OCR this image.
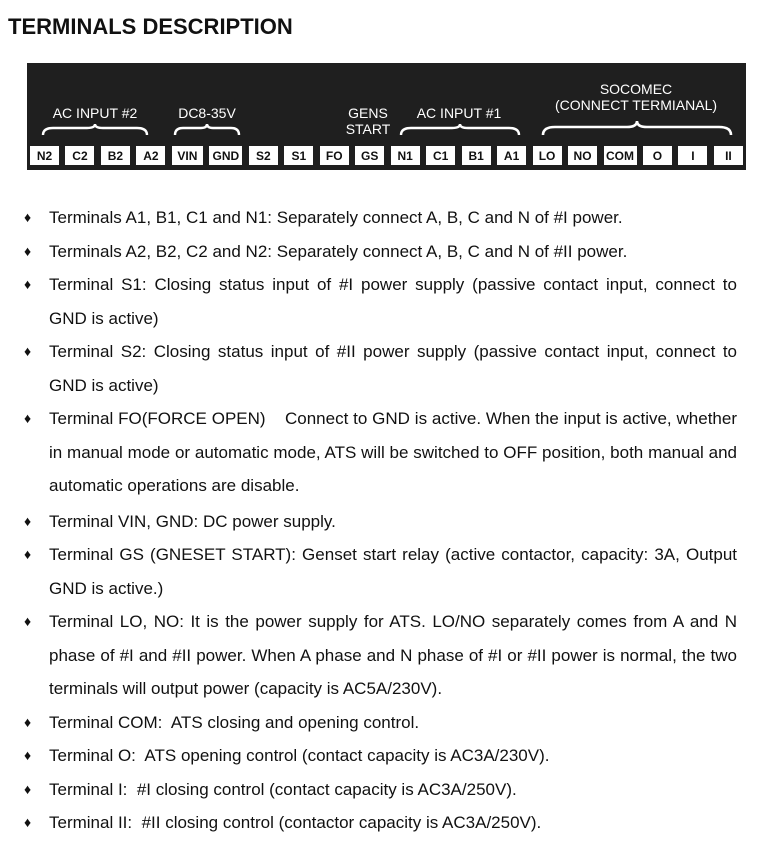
TERMINALS DESCRIPTION
AC INPUT #2	DC8-35V	GENS
START
AC INPUT #1
SOCOMEC
(CONNECT TERMIANAL)
N2	C2	B2	A2	VIN	GND	S2	S1	FO	GS	N1	C1	B1	A1	LO	NO	COM	O	I	II
♦ Terminals A1, B1, C1 and N1: Separately connect A, B, C and N of #I power.
♦ Terminals A2, B2, C2 and N2: Separately connect A, B, C and N of #II power.
♦ Terminal S1: Closing status input of #I power supply (passive contact input, connect to GND is active)
♦ Terminal S2: Closing status input of #II power supply (passive contact input, connect to GND is active)
♦ Terminal FO(FORCE OPEN)    Connect to GND is active. When the input is active, whether in manual mode or automatic mode, ATS will be switched to OFF position, both manual and automatic operations are disable.
♦ Terminal VIN, GND: DC power supply.
♦ Terminal GS (GNESET START): Genset start relay (active contactor, capacity: 3A, Output GND is active.)
♦ Terminal LO, NO: It is the power supply for ATS. LO/NO separately comes from A and N phase of #I and #II power. When A phase and N phase of #I or #II power is normal, the two terminals will output power (capacity is AC5A/230V).
♦ Terminal COM:  ATS closing and opening control.
♦ Terminal O:  ATS opening control (contact capacity is AC3A/230V).
♦ Terminal I:  #I closing control (contact capacity is AC3A/250V).
♦ Terminal II:  #II closing control (contactor capacity is AC3A/250V).
